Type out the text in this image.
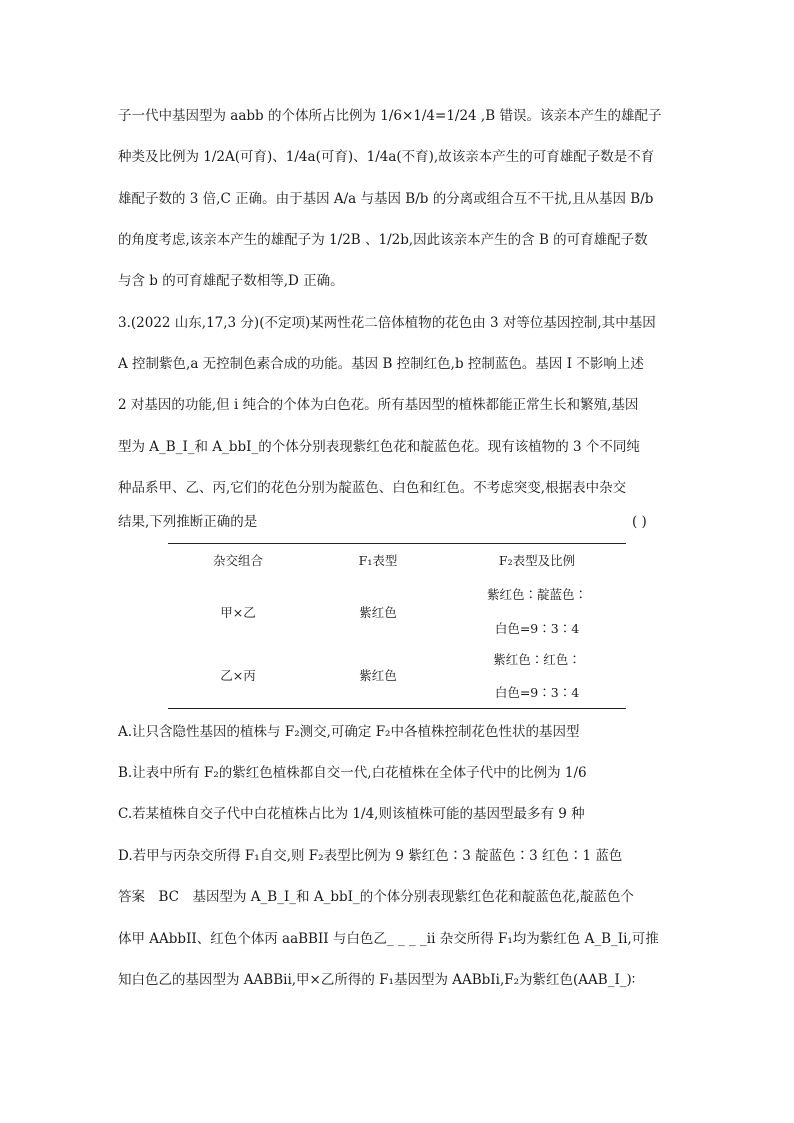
子一代中基因型为 aabb 的个体所占比例为 1/6×1/4=1/24 ,B 错误。该亲本产生的雄配子
种类及比例为 1/2A(可育)、1/4a(可育)、1/4a(不育),故该亲本产生的可育雄配子数是不育
雄配子数的 3 倍,C 正确。由于基因 A/a 与基因 B/b 的分离或组合互不干扰,且从基因 B/b
的角度考虑,该亲本产生的雄配子为 1/2B 、1/2b,因此该亲本产生的含 B 的可育雄配子数
与含 b 的可育雄配子数相等,D 正确。
3.(2022 山东,17,3 分)(不定项)某两性花二倍体植物的花色由 3 对等位基因控制,其中基因
A 控制紫色,a 无控制色素合成的功能。基因 B 控制红色,b 控制蓝色。基因 I 不影响上述
2 对基因的功能,但 i 纯合的个体为白色花。所有基因型的植株都能正常生长和繁殖,基因
型为 A_B_I_和 A_bbI_的个体分别表现紫红色花和靛蓝色花。现有该植物的 3 个不同纯
种品系甲、乙、丙,它们的花色分别为靛蓝色、白色和红色。不考虑突变,根据表中杂交
结果,下列推断正确的是	( )
杂交组合	F₁表型	F₂表型及比例
甲×乙	紫红色
紫红色∶靛蓝色∶
白色=9∶3∶4
乙×丙	紫红色
紫红色∶红色∶
白色=9∶3∶4
A.让只含隐性基因的植株与 F₂测交,可确定 F₂中各植株控制花色性状的基因型
B.让表中所有 F₂的紫红色植株都自交一代,白花植株在全体子代中的比例为 1/6
C.若某植株自交子代中白花植株占比为 1/4,则该植株可能的基因型最多有 9 种
D.若甲与丙杂交所得 F₁自交,则 F₂表型比例为 9 紫红色∶3 靛蓝色∶3 红色∶1 蓝色
答案　BC　基因型为 A_B_I_和 A_bbI_的个体分别表现紫红色花和靛蓝色花,靛蓝色个
体甲 AAbbII、红色个体丙 aaBBII 与白色乙_ _ _ _ii 杂交所得 F₁均为紫红色 A_B_Ii,可推
知白色乙的基因型为 AABBii,甲×乙所得的 F₁基因型为 AABbIi,F₂为紫红色(AAB_I_)∶
